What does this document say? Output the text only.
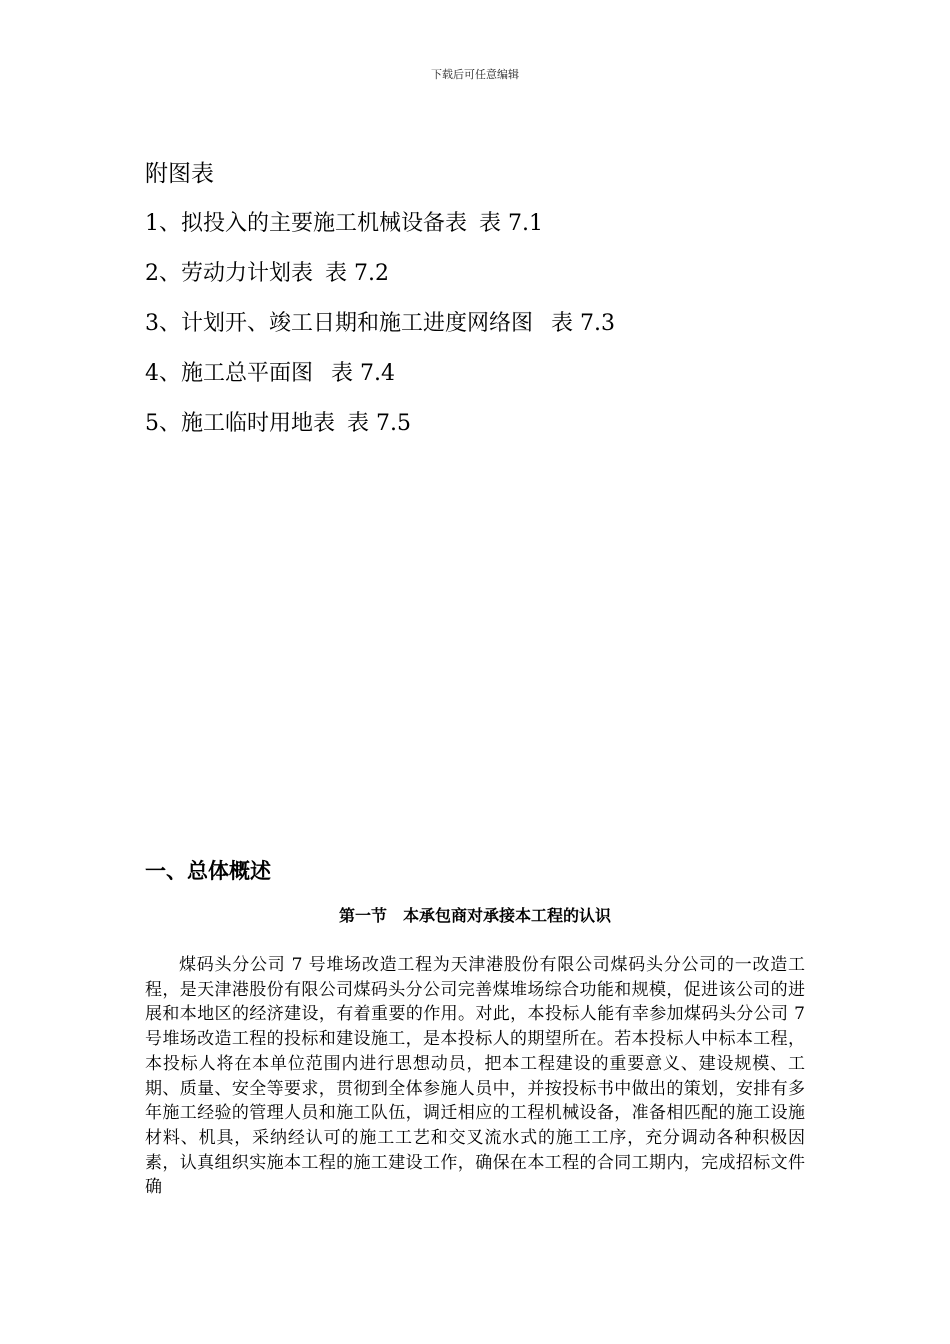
下载后可任意编辑
附图表
1、拟投入的主要施工机械设备表 表 7.1
2、劳动力计划表 表 7.2
3、计划开、竣工日期和施工进度网络图 表 7.3
4、施工总平面图 表 7.4
5、施工临时用地表 表 7.5
一、总体概述
第一节 本承包商对承接本工程的认识

煤码头分公司 7 号堆场改造工程为天津港股份有限公司煤码头分公司的一改造工程，是天津港股份有限公司煤码头分公司完善煤堆场综合功能和规模，促进该公司的进展和本地区的经济建设，有着重要的作用。对此，本投标人能有幸参加煤码头分公司 7 号堆场改造工程的投标和建设施工，是本投标人的期望所在。若本投标人中标本工程，本投标人将在本单位范围内进行思想动员，把本工程建设的重要意义、建设规模、工期、质量、安全等要求，贯彻到全体参施人员中，并按投标书中做出的策划，安排有多年施工经验的管理人员和施工队伍，调迁相应的工程机械设备，准备相匹配的施工设施材料、机具，采纳经认可的施工工艺和交叉流水式的施工工序，充分调动各种积极因素，认真组织实施本工程的施工建设工作，确保在本工程的合同工期内，完成招标文件确
